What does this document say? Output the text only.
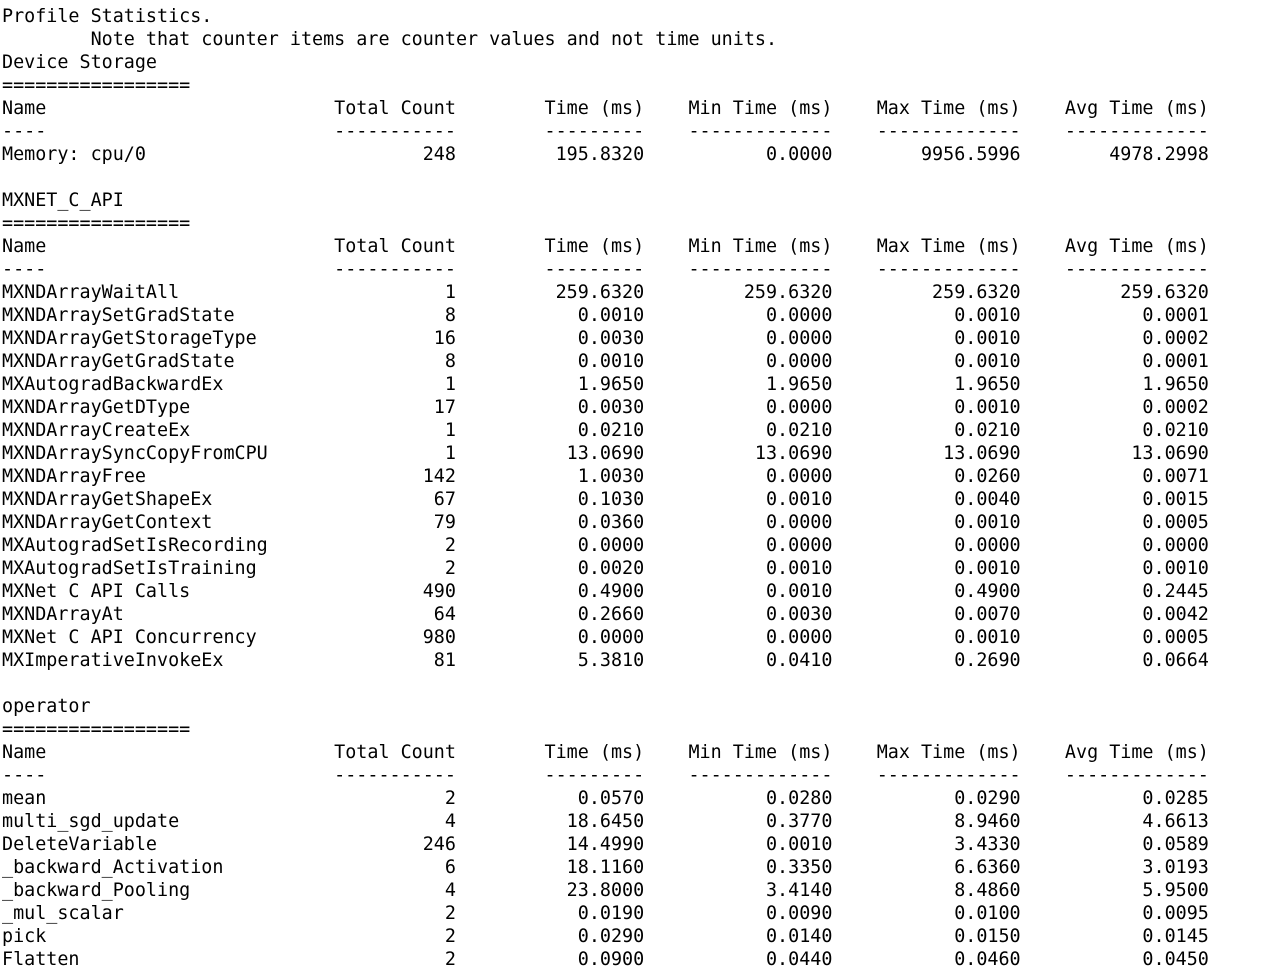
Profile Statistics.
Note that counter items are counter values and not time units.
Device Storage
=================
Name                          Total Count        Time (ms)    Min Time (ms)    Max Time (ms)    Avg Time (ms)
----                          -----------        ---------    -------------    -------------    -------------
Memory: cpu/0                         248         195.8320           0.0000        9956.5996        4978.2998
MXNET_C_API
=================
Name                          Total Count        Time (ms)    Min Time (ms)    Max Time (ms)    Avg Time (ms)
----                          -----------        ---------    -------------    -------------    -------------
MXNDArrayWaitAll                        1         259.6320         259.6320         259.6320         259.6320
MXNDArraySetGradState                   8           0.0010           0.0000           0.0010           0.0001
MXNDArrayGetStorageType                16           0.0030           0.0000           0.0010           0.0002
MXNDArrayGetGradState                   8           0.0010           0.0000           0.0010           0.0001
MXAutogradBackwardEx                    1           1.9650           1.9650           1.9650           1.9650
MXNDArrayGetDType                      17           0.0030           0.0000           0.0010           0.0002
MXNDArrayCreateEx                       1           0.0210           0.0210           0.0210           0.0210
MXNDArraySyncCopyFromCPU                1          13.0690          13.0690          13.0690          13.0690
MXNDArrayFree                         142           1.0030           0.0000           0.0260           0.0071
MXNDArrayGetShapeEx                    67           0.1030           0.0010           0.0040           0.0015
MXNDArrayGetContext                    79           0.0360           0.0000           0.0010           0.0005
MXAutogradSetIsRecording                2           0.0000           0.0000           0.0000           0.0000
MXAutogradSetIsTraining                 2           0.0020           0.0010           0.0010           0.0010
MXNet C API Calls                     490           0.4900           0.0010           0.4900           0.2445
MXNDArrayAt                            64           0.2660           0.0030           0.0070           0.0042
MXNet C API Concurrency               980           0.0000           0.0000           0.0010           0.0005
MXImperativeInvokeEx                   81           5.3810           0.0410           0.2690           0.0664
operator
=================
Name                          Total Count        Time (ms)    Min Time (ms)    Max Time (ms)    Avg Time (ms)
----                          -----------        ---------    -------------    -------------    -------------
mean                                    2           0.0570           0.0280           0.0290           0.0285
multi_sgd_update                        4          18.6450           0.3770           8.9460           4.6613
DeleteVariable                        246          14.4990           0.0010           3.4330           0.0589
_backward_Activation                    6          18.1160           0.3350           6.6360           3.0193
_backward_Pooling                       4          23.8000           3.4140           8.4860           5.9500
_mul_scalar                             2           0.0190           0.0090           0.0100           0.0095
pick                                    2           0.0290           0.0140           0.0150           0.0145
Flatten                                 2           0.0900           0.0440           0.0460           0.0450
